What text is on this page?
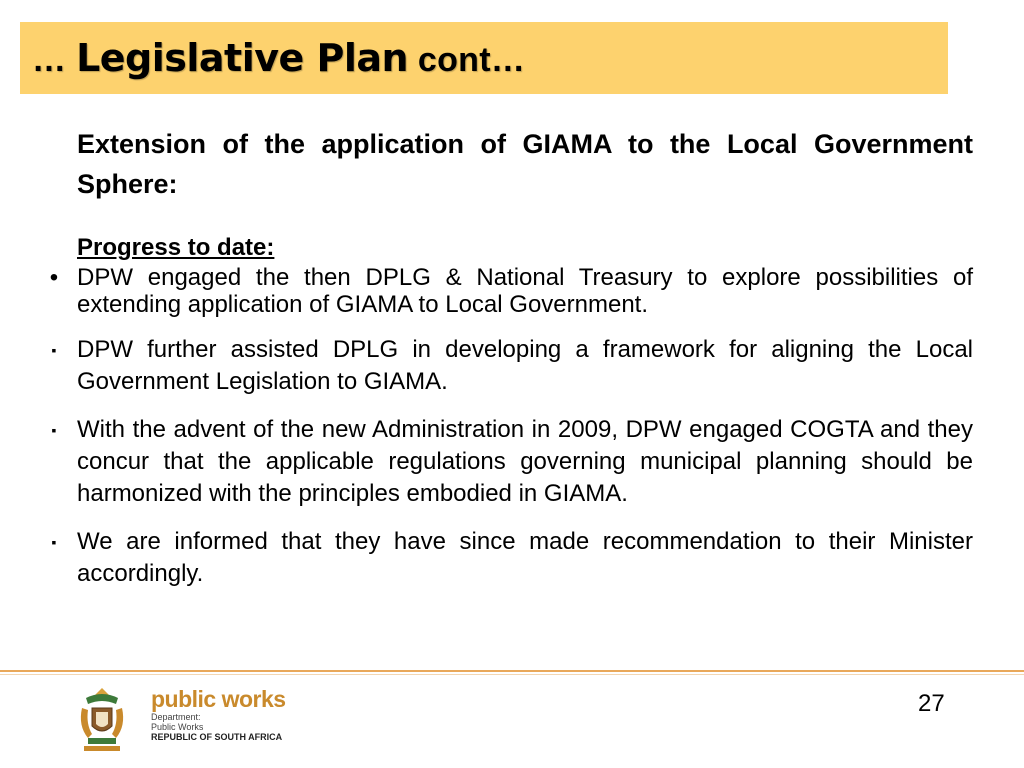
… Legislative Plan cont…

Extension of the application of GIAMA to the Local Government Sphere:

Progress to date:
• DPW engaged the then DPLG & National Treasury to explore possibilities of extending application of GIAMA to Local Government.
▪ DPW further assisted DPLG in developing a framework for aligning the Local Government Legislation to GIAMA.
▪ With the advent of the new Administration in 2009, DPW engaged COGTA and they concur that the applicable regulations governing municipal planning should be harmonized with the principles embodied in GIAMA.
▪ We are informed that they have since made recommendation to their Minister accordingly.
public works
Department:
Public Works
REPUBLIC OF SOUTH AFRICA
27
